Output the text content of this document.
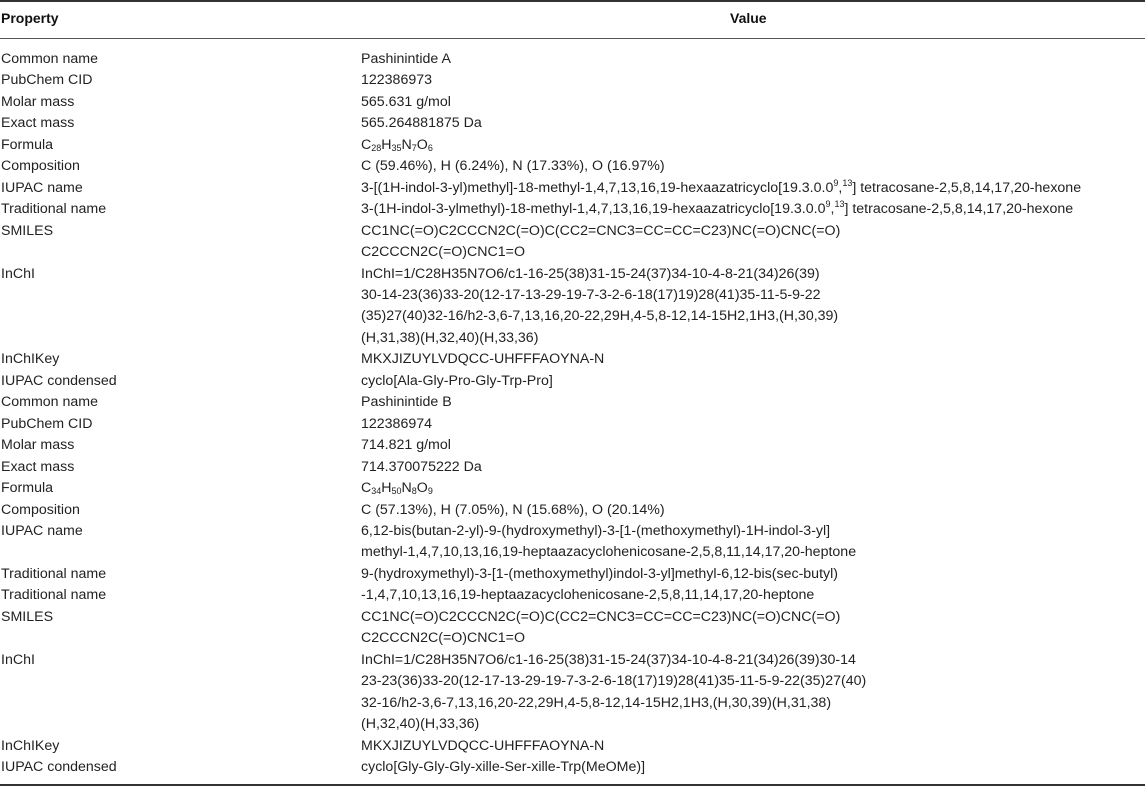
Property	Value
Common name	Pashinintide A
PubChem CID	122386973
Molar mass	565.631 g/mol
Exact mass	565.264881875 Da
Formula	$C_{28}H_{35}N_7O_6$
Composition	C (59.46%), H (6.24%), N (17.33%), O (16.97%)
IUPAC name	3-[(1H-indol-3-yl)methyl]-18-methyl-1,4,7,13,16,19-hexaazatricyclo[19.3.0.0$^9$,$^{13}$] tetracosane-2,5,8,14,17,20-hexone
Traditional name	3-(1H-indol-3-ylmethyl)-18-methyl-1,4,7,13,16,19-hexaazatricyclo[19.3.0.0$^9$,$^{13}$] tetracosane-2,5,8,14,17,20-hexone
SMILES	CC1NC(=O)C2CCCN2C(=O)C(CC2=CNC3=CC=CC=C23)NC(=O)CNC(=O)
C2CCCN2C(=O)CNC1=O
InChI	InChI=1/C28H35N7O6/c1-16-25(38)31-15-24(37)34-10-4-8-21(34)26(39)
30-14-23(36)33-20(12-17-13-29-19-7-3-2-6-18(17)19)28(41)35-11-5-9-22
(35)27(40)32-16/h2-3,6-7,13,16,20-22,29H,4-5,8-12,14-15H2,1H3,(H,30,39)
(H,31,38)(H,32,40)(H,33,36)
InChIKey	MKXJIZUYLVDQCC-UHFFFAOYNA-N
IUPAC condensed	cyclo[Ala-Gly-Pro-Gly-Trp-Pro]
Common name	Pashinintide B
PubChem CID	122386974
Molar mass	714.821 g/mol
Exact mass	714.370075222 Da
Formula	$C_{34}H_{50}N_8O_9$
Composition	C (57.13%), H (7.05%), N (15.68%), O (20.14%)
IUPAC name	6,12-bis(butan-2-yl)-9-(hydroxymethyl)-3-[1-(methoxymethyl)-1H-indol-3-yl]
methyl-1,4,7,10,13,16,19-heptaazacyclohenicosane-2,5,8,11,14,17,20-heptone
Traditional name	9-(hydroxymethyl)-3-[1-(methoxymethyl)indol-3-yl]methyl-6,12-bis(sec-butyl)
Traditional name	-1,4,7,10,13,16,19-heptaazacyclohenicosane-2,5,8,11,14,17,20-heptone
SMILES	CC1NC(=O)C2CCCN2C(=O)C(CC2=CNC3=CC=CC=C23)NC(=O)CNC(=O)
C2CCCN2C(=O)CNC1=O
InChI	InChI=1/C28H35N7O6/c1-16-25(38)31-15-24(37)34-10-4-8-21(34)26(39)30-14
23-23(36)33-20(12-17-13-29-19-7-3-2-6-18(17)19)28(41)35-11-5-9-22(35)27(40)
32-16/h2-3,6-7,13,16,20-22,29H,4-5,8-12,14-15H2,1H3,(H,30,39)(H,31,38)
(H,32,40)(H,33,36)
InChIKey	MKXJIZUYLVDQCC-UHFFFAOYNA-N
IUPAC condensed	cyclo[Gly-Gly-Gly-xille-Ser-xille-Trp(MeOMe)]
